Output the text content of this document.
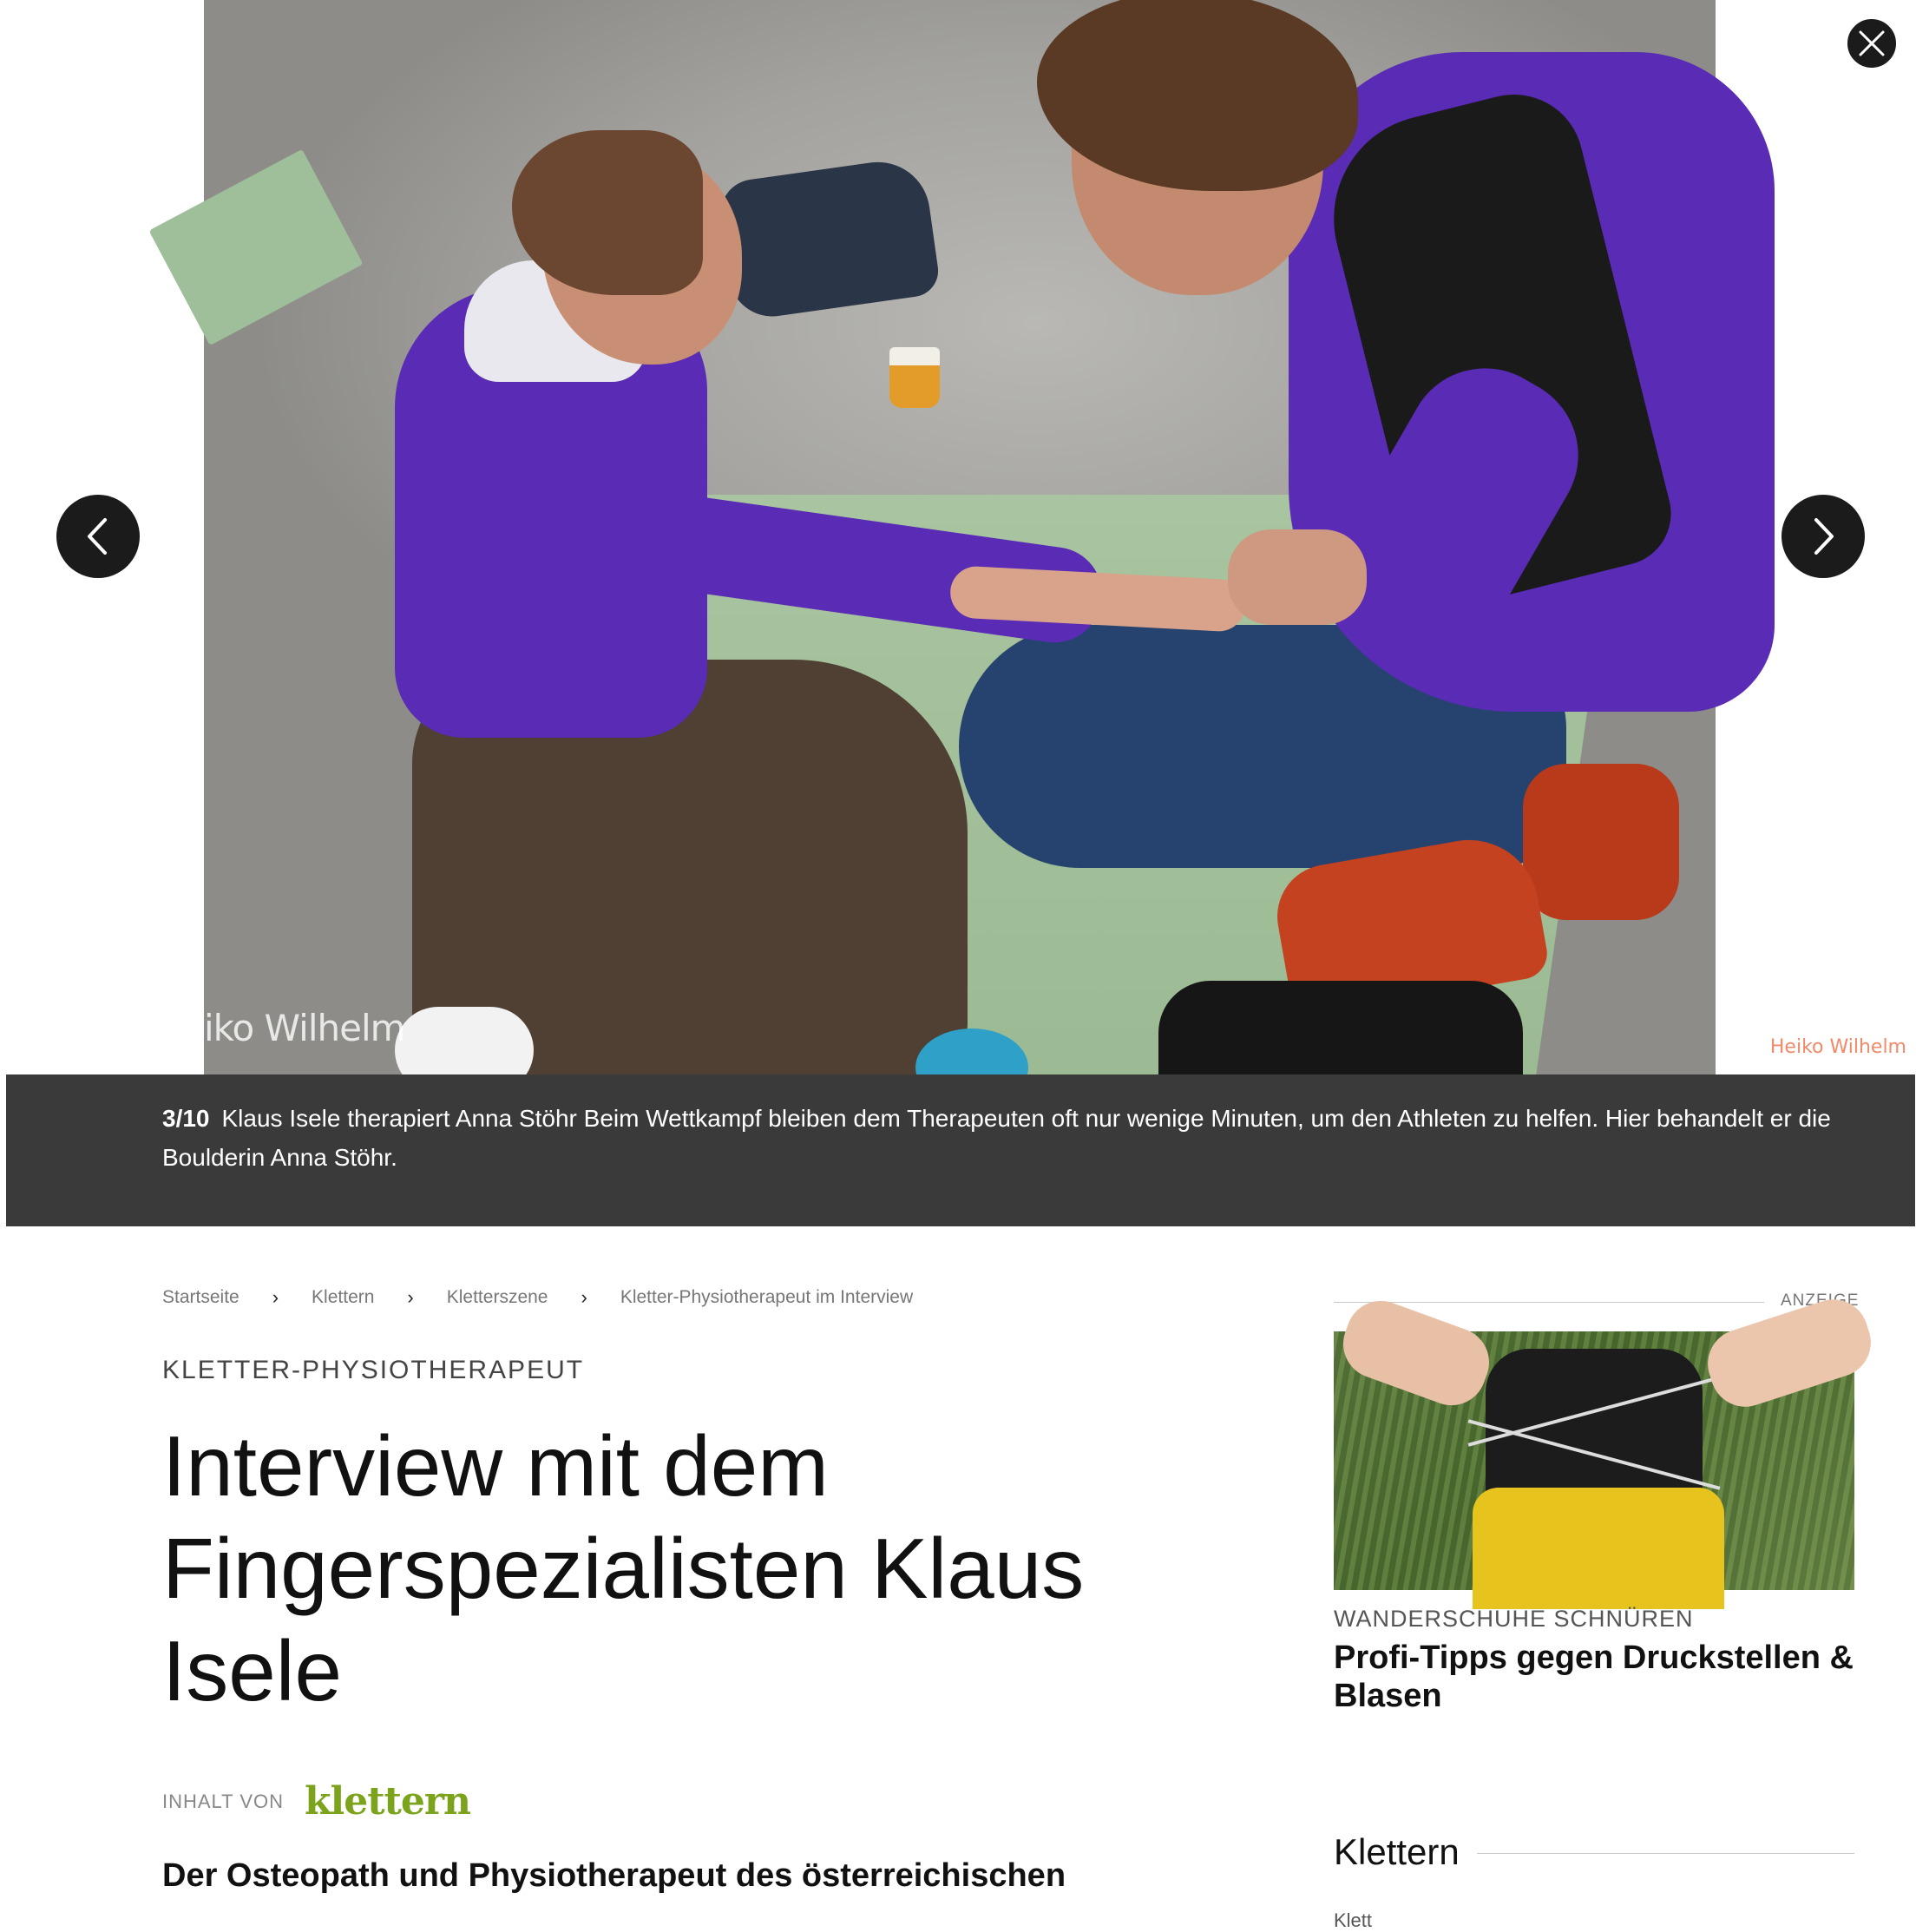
iko Wilhelm	Heiko Wilhelm
3/10 Klaus Isele therapiert Anna Stöhr Beim Wettkampf bleiben dem Therapeuten oft nur wenige Minuten, um den Athleten zu helfen. Hier behandelt er die Boulderin Anna Stöhr.
Startseite › Klettern › Kletterszene › Kletter-Physiotherapeut im Interview
KLETTER-PHYSIOTHERAPEUT
Interview mit dem Fingerspezialisten Klaus Isele
INHALT VON klettern

Der Osteopath und Physiotherapeut des österreichischen

ANZEIGE
WANDERSCHUHE SCHNÜREN
Profi-Tipps gegen Druckstellen & Blasen
Klettern
Klett
